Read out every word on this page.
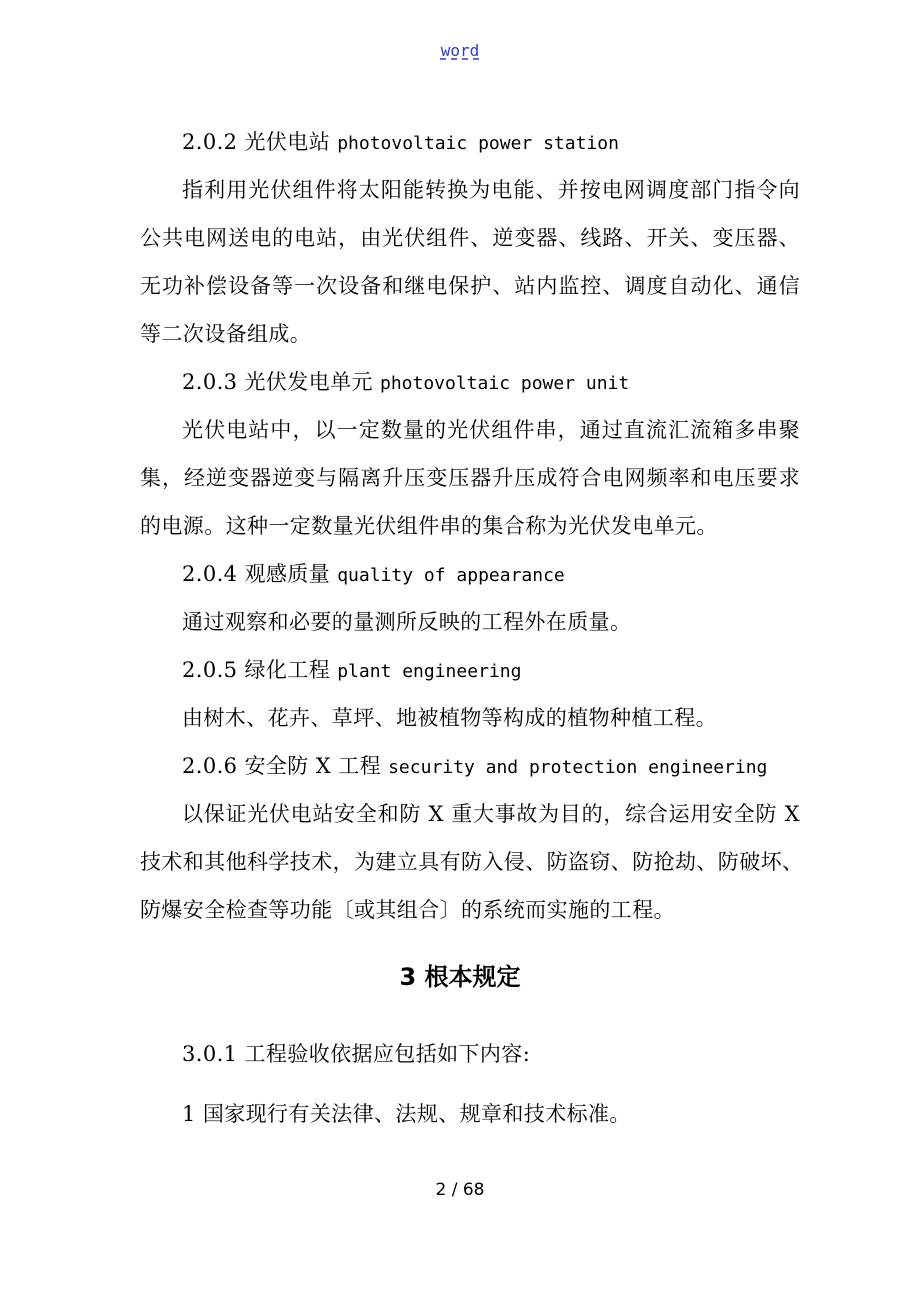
word
2.0.2 光伏电站 photovoltaic power station
指利用光伏组件将太阳能转换为电能、并按电网调度部门指令向
公共电网送电的电站，由光伏组件、逆变器、线路、开关、变压器、
无功补偿设备等一次设备和继电保护、站内监控、调度自动化、通信
等二次设备组成。
2.0.3 光伏发电单元 photovoltaic power unit
光伏电站中，以一定数量的光伏组件串，通过直流汇流箱多串聚
集，经逆变器逆变与隔离升压变压器升压成符合电网频率和电压要求
的电源。这种一定数量光伏组件串的集合称为光伏发电单元。
2.0.4 观感质量 quality of appearance
通过观察和必要的量测所反映的工程外在质量。
2.0.5 绿化工程 plant engineering
由树木、花卉、草坪、地被植物等构成的植物种植工程。
2.0.6 安全防 X 工程 security and protection engineering
以保证光伏电站安全和防 X 重大事故为目的，综合运用安全防 X
技术和其他科学技术，为建立具有防入侵、防盗窃、防抢劫、防破坏、
防爆安全检查等功能〔或其组合〕的系统而实施的工程。
3 根本规定
3.0.1 工程验收依据应包括如下内容:
1 国家现行有关法律、法规、规章和技术标准。
2 / 68
